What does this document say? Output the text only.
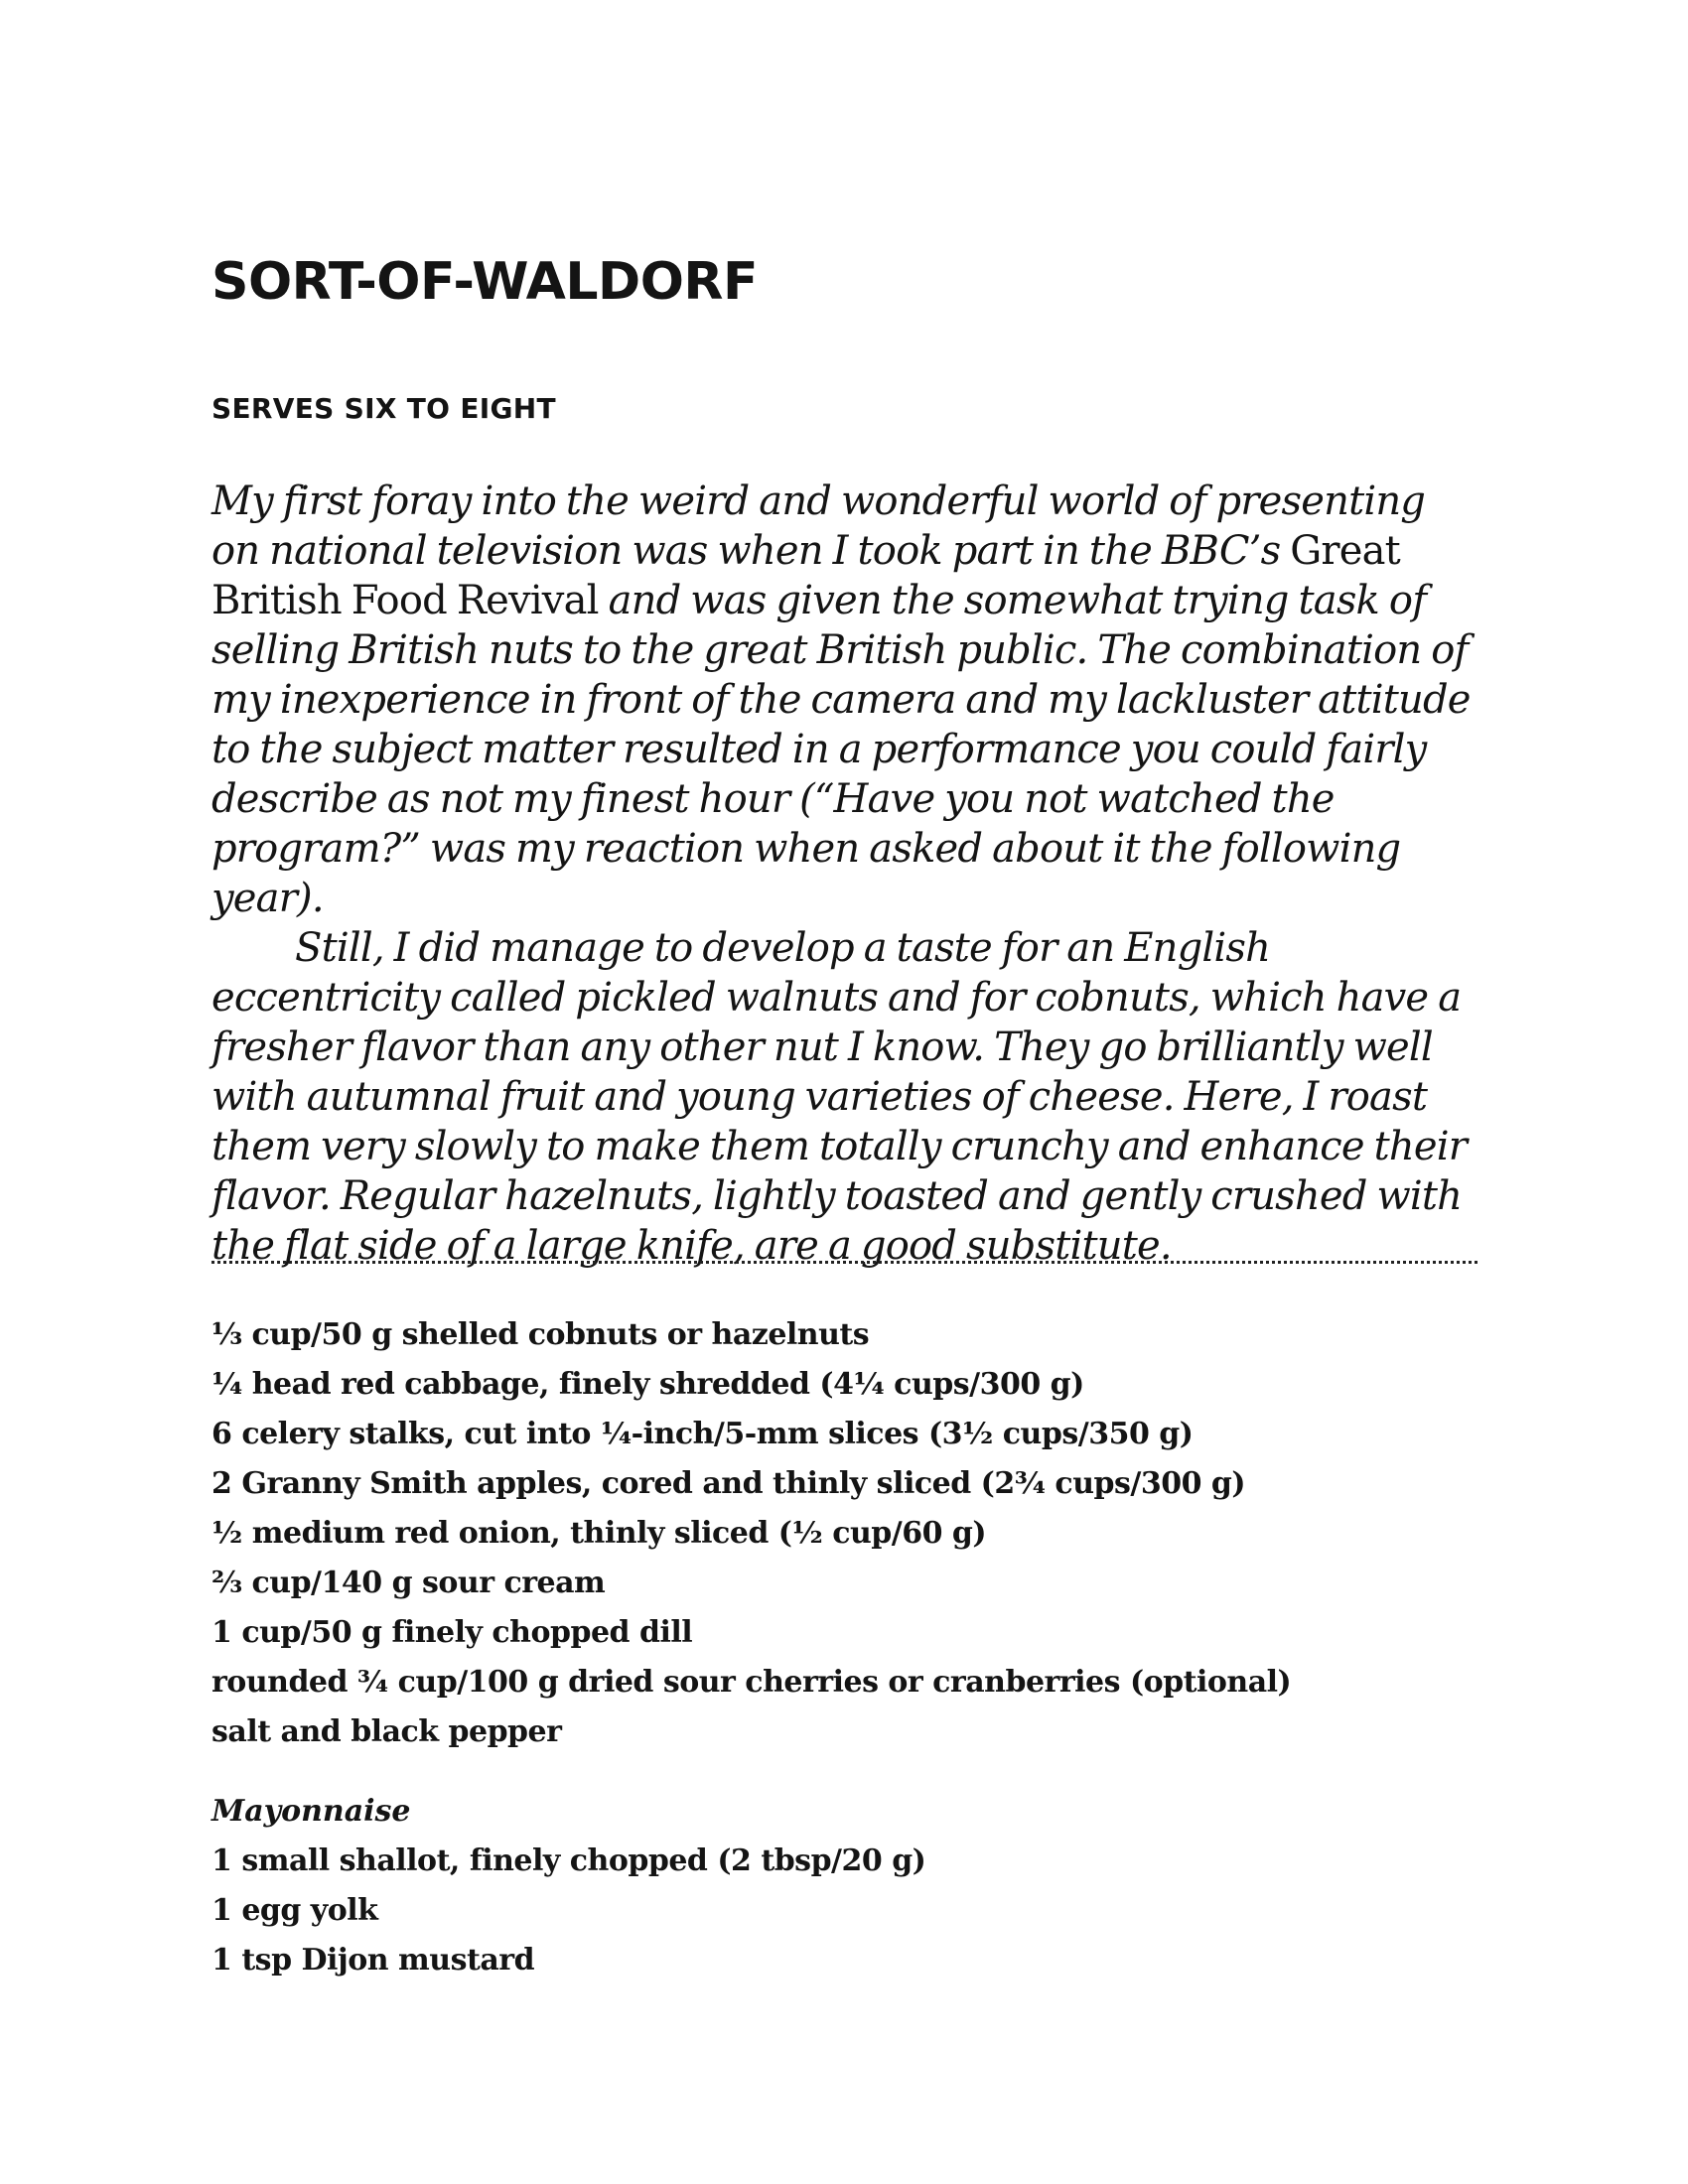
SORT-OF-WALDORF
SERVES SIX TO EIGHT

My first foray into the weird and wonderful world of presenting on national television was when I took part in the BBC’s Great British Food Revival and was given the somewhat trying task of selling British nuts to the great British public. The combination of my inexperience in front of the camera and my lackluster attitude to the subject matter resulted in a performance you could fairly describe as not my finest hour (“Have you not watched the program?” was my reaction when asked about it the following year).

Still, I did manage to develop a taste for an English eccentricity called pickled walnuts and for cobnuts, which have a fresher flavor than any other nut I know. They go brilliantly well with autumnal fruit and young varieties of cheese. Here, I roast them very slowly to make them totally crunchy and enhance their flavor. Regular hazelnuts, lightly toasted and gently crushed with the flat side of a large knife, are a good substitute.

⅓ cup/50 g shelled cobnuts or hazelnuts
¼ head red cabbage, finely shredded (4¼ cups/300 g)
6 celery stalks, cut into ¼-inch/5-mm slices (3½ cups/350 g)
2 Granny Smith apples, cored and thinly sliced (2¾ cups/300 g)
½ medium red onion, thinly sliced (½ cup/60 g)
⅔ cup/140 g sour cream
1 cup/50 g finely chopped dill
rounded ¾ cup/100 g dried sour cherries or cranberries (optional)
salt and black pepper
Mayonnaise
1 small shallot, finely chopped (2 tbsp/20 g)
1 egg yolk
1 tsp Dijon mustard
